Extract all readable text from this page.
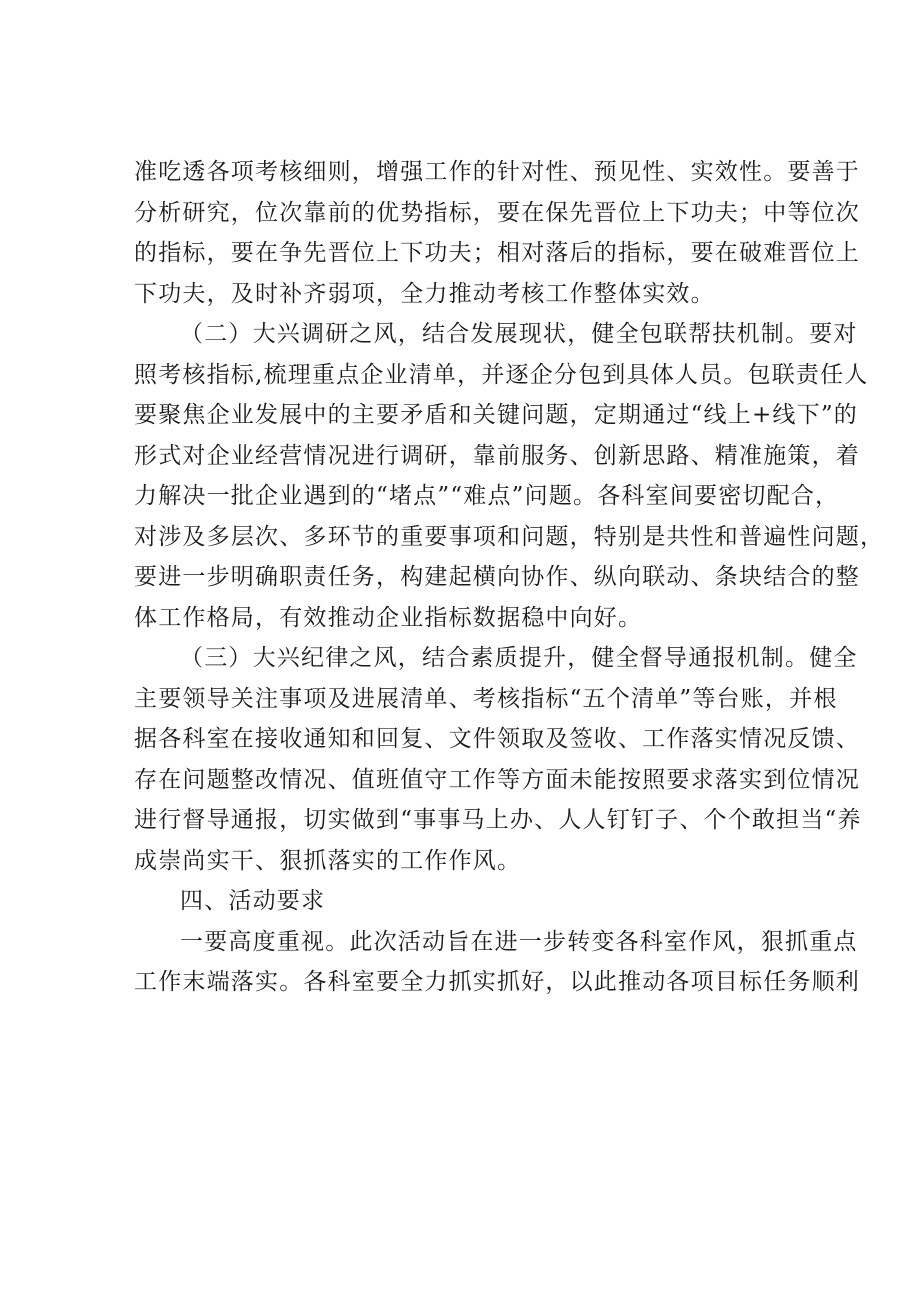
准吃透各项考核细则，增强工作的针对性、预见性、实效性。要善于
分析研究，位次靠前的优势指标，要在保先晋位上下功夫；中等位次
的指标，要在争先晋位上下功夫；相对落后的指标，要在破难晋位上
下功夫，及时补齐弱项，全力推动考核工作整体实效。
（二）大兴调研之风，结合发展现状，健全包联帮扶机制。要对
照考核指标,梳理重点企业清单，并逐企分包到具体人员。包联责任人
要聚焦企业发展中的主要矛盾和关键问题，定期通过“线上+线下”的
形式对企业经营情况进行调研，靠前服务、创新思路、精准施策，着
力解决一批企业遇到的“堵点”“难点”问题。各科室间要密切配合，
对涉及多层次、多环节的重要事项和问题，特别是共性和普遍性问题，
要进一步明确职责任务，构建起横向协作、纵向联动、条块结合的整
体工作格局，有效推动企业指标数据稳中向好。
（三）大兴纪律之风，结合素质提升，健全督导通报机制。健全
主要领导关注事项及进展清单、考核指标“五个清单”等台账，并根
据各科室在接收通知和回复、文件领取及签收、工作落实情况反馈、
存在问题整改情况、值班值守工作等方面未能按照要求落实到位情况
进行督导通报，切实做到“事事马上办、人人钉钉子、个个敢担当“养
成崇尚实干、狠抓落实的工作作风。
四、活动要求
一要高度重视。此次活动旨在进一步转变各科室作风，狠抓重点
工作末端落实。各科室要全力抓实抓好，以此推动各项目标任务顺利
